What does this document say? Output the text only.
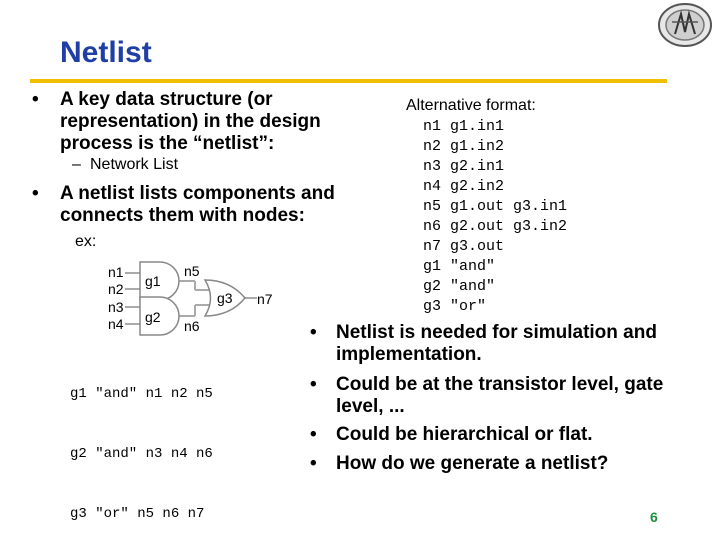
Netlist
• A key data structure (or
representation) in the design
process is the “netlist”:
– Network List
• A netlist lists components and
connects them with nodes:
ex:
n1
n2
n3
n4
n5
n6
n7
g1
g2
g3

g1 "and" n1 n2 n5

g2 "and" n3 n4 n6

g3 "or" n5 n6 n7

Alternative format:
n1 g1.in1
n2 g1.in2
n3 g2.in1
n4 g2.in2
n5 g1.out g3.in1
n6 g2.out g3.in2
n7 g3.out
g1 "and"
g2 "and"
g3 "or"
• Netlist is needed for simulation and
implementation.
• Could be at the transistor level, gate
level, ...
• Could be hierarchical or flat.
• How do we generate a netlist?
6
